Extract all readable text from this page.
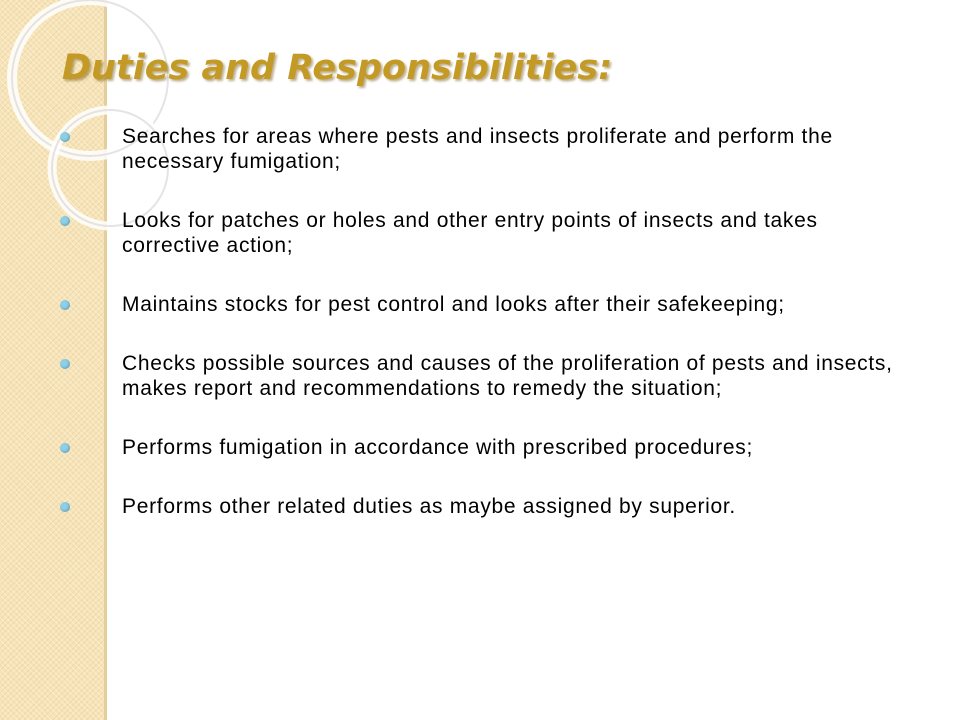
Duties and Responsibilities:
Searches for areas where pests and insects proliferate and perform the necessary fumigation;
Looks for patches or holes and other entry points of insects and takes corrective action;
Maintains stocks for pest control and looks after their safekeeping;
Checks possible sources and causes of the proliferation of pests and insects, makes report and recommendations to remedy the situation;
Performs fumigation in accordance with prescribed procedures;
Performs other related duties as maybe assigned by superior.
